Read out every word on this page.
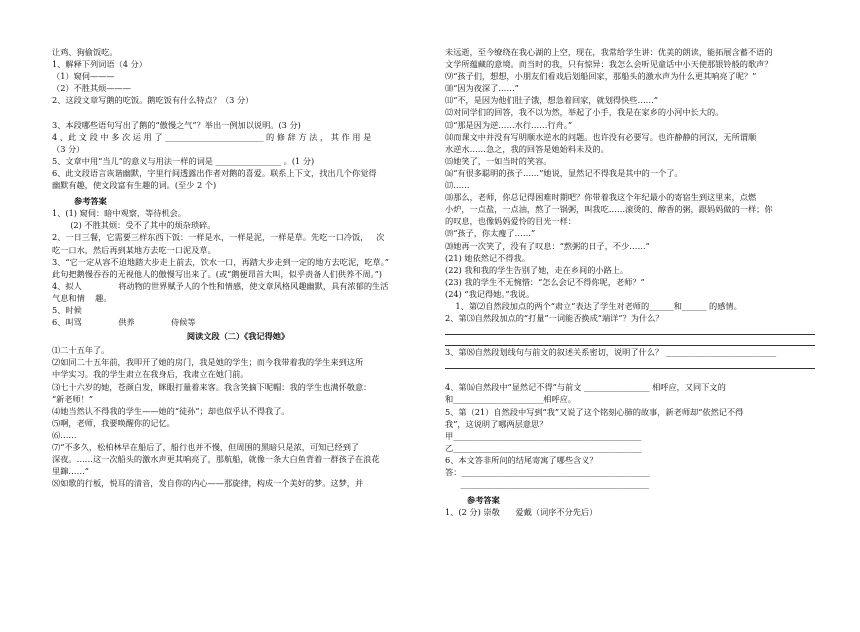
让鸡、狗偷饭吃。

1、解释下列词语（4 分）

（1）窥伺———

（2）不胜其烦———

2、这段文章写鹅的吃饭。鹅吃饭有什么特点？（3 分）

3、本段哪些语句写出了鹅的“傲慢之气”？举出一例加以说明。(3 分)

4 、此 文 段 中 多 次 运 用 了 ________________________ 的 修 辞 方 法 ， 其 作 用 是

（3 分）

5、文章中用“当儿”的意义与用法一样的词是 ________________ 。(1 分)

6、此文段语言诙谐幽默，字里行间透露出作者对鹅的喜爱。联系上下文，找出几个你觉得

幽默有趣，使文段富有生趣的词。(至少 2 个)

参考答案

1、(1) 窥伺：暗中观察，等待机会。

(2) 不胜其烦：受不了其中的烦杂琐碎。

2、一日三餐，它需要三样东西下饭：一样是水，一样是泥，一样是草。先吃一口冷饭，   次

吃一口水，然后再到某地方去吃一口泥及草。

3、“它一定从容不迫地踏大步走上前去，饮水一口，再踏大步走到一定的地方去吃泥，吃草。”

此句把鹅慢吞吞的无视他人的傲慢写出来了。(或“鹅便昂首大叫，似乎责备人们供养不周。”)

4、拟人              将动物的世界赋予人的个性和情感，使文章风格风趣幽默，具有浓郁的生活

气息和情    趣。

5、时候

6、叫骂              供养              侍候等

阅读文段（二）《我记得她》

⑴二十五年了。

⑵如同二十五年前，我叩开了她的房门，我是她的学生；而今我带着我的学生来到这所

中学实习。我的学生肃立在我身后，我肃立在她门前。

⑶七十六岁的她，苍颜白发，眯眼打量着来客。我含笑摘下呢帽：我的学生也满怀敬意：

“新老师！”

⑷她当然认不得我的学生——她的“徒孙”；却也似乎认不得我了。

⑸啊，老师，我要唤醒你的记忆。

⑹……

⑺“不多久，松柏林早在船后了，船行也并不慢，但周围的黑暗只是浓，可知已经到了

深夜。……这一次船头的激水声更其响亮了，那航船，就像一条大白鱼背着一群孩子在浪花

里蹿……”

⑻如歌的行板，悦耳的清音，发自你的内心——那旋律，构成一个美好的梦。这梦，并

未远逝，至今缭绕在我心湖的上空，现在，我常给学生讲：优美的朗读，能拓展含蓄不语的

文学所蕴藏的意境。而当时的我，只有惊异：我怎么会听见童话中小天使那银铃般的歌声？

⑼“孩子们，想想，小朋友们看戏后划船回家，那船头的激水声为什么更其响亮了呢？”

⑽“因为夜深了……”

⑾“不，是因为他们肚子饿，想急着回家，就划得快些……”

⑿对同学们的回答，我不以为然，举起了小手，我是在家乡的小河中长大的。

⒀“那是因为逆……水行……行舟。”

⒁而课文中并没有写明顺水逆水的问题。也许没有必要写。也许静静的河汉，无所谓顺

水逆水……急之，我的回答是她始料未及的。

⒂她笑了，一如当时的笑容。

⒃“有很多聪明的孩子……”她说，显然记不得我是其中的一个了。

⒄……

⒅那么，老师，你总记得困难时期吧？你带着我这个年纪最小的寄宿生到这里来，点燃

小炉，一点盐，一点油，熬了一锅粥，叫我吃……滚烫的、醇香的粥，跟妈妈做的一样；你

的叹息，也像妈妈爱怜的目光一样：

⒆“孩子，你太瘦了……”

⒇她再一次笑了，没有了叹息：“熬粥的日子，不少……”

(21) 她依然记不得我。

(22) 我和我的学生告别了她，走在乡间的小路上。

(23) 我的学生不无惋惜：“怎么会记不得你呢，老师？”

(24) “我记得她。”我说。

1、第⑵自然段加点的两个“肃立”表达了学生对老师的______和______ 的感情。

2、第⑶自然段加点的“打量”一词能否换成“端详”？为什么？

3、第⑻自然段划线句与前文的叙述关系密切，说明了什么？ ___________________________

4、第⒃自然段中“显然记不得”与前文 ________________ 相呼应，又同下文的

和______________________相呼应。

5、第（21）自然段中写到“我”又说了这个铭刻心肺的故事，新老师却“依然记不得

我”，这说明了哪两层意思？

甲______________________________________________

乙______________________________________________

6、本文答非所问的结尾寄寓了哪些含义？

答：______________________________________________

______________________________________________

参考答案

1、(2 分) 崇敬      爱戴（词序不分先后）
